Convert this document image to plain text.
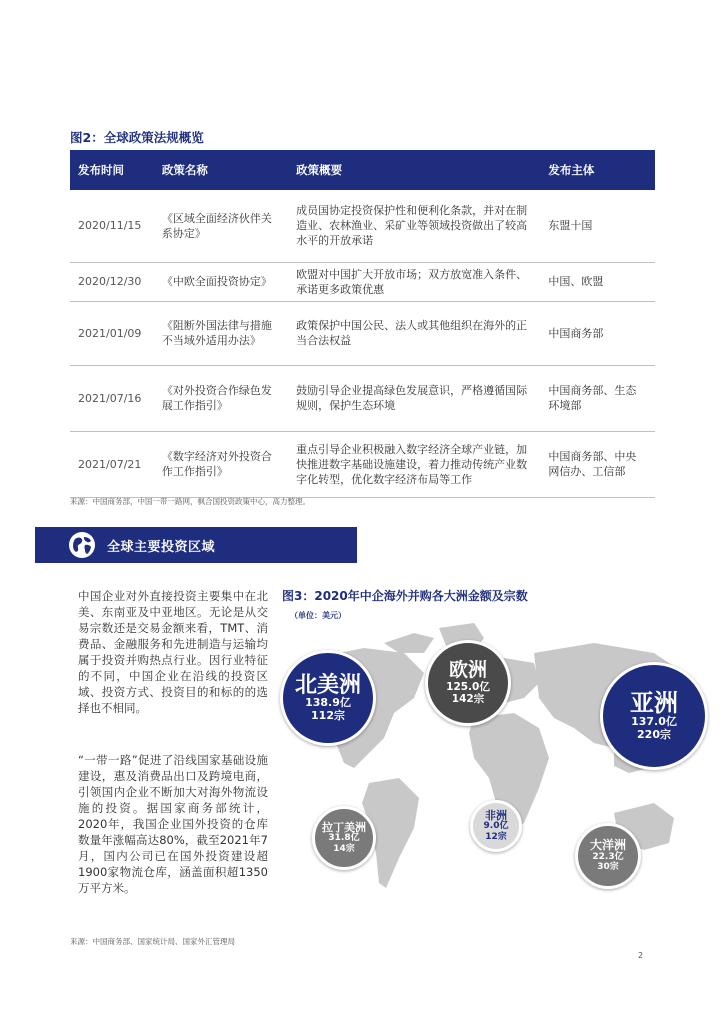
图2：全球政策法规概览
发布时间	政策名称	政策概要	发布主体
2020/11/15	《区域全面经济伙伴关系协定》	成员国协定投资保护性和便利化条款，并对在制造业、农林渔业、采矿业等领域投资做出了较高水平的开放承诺	东盟十国
2020/12/30	《中欧全面投资协定》	欧盟对中国扩大开放市场；双方放宽准入条件、承诺更多政策优惠	中国、欧盟
2021/01/09	《阻断外国法律与措施不当域外适用办法》	政策保护中国公民、法人或其他组织在海外的正当合法权益	中国商务部
2021/07/16	《对外投资合作绿色发展工作指引》	鼓励引导企业提高绿色发展意识，严格遵循国际规则，保护生态环境	中国商务部、生态环境部
2021/07/21	《数字经济对外投资合作工作指引》	重点引导企业积极融入数字经济全球产业链，加快推进数字基础设施建设，着力推动传统产业数字化转型，优化数字经济布局等工作	中国商务部、中央网信办、工信部
来源：中国商务部，中国一带一路网，枫合国投资政策中心，高力整理。
全球主要投资区域
中国企业对外直接投资主要集中在北美、东南亚及中亚地区。无论是从交易宗数还是交易金额来看，TMT、消费品、金融服务和先进制造与运输均属于投资并购热点行业。因行业特征的不同，中国企业在沿线的投资区域、投资方式、投资目的和标的的选择也不相同。
“一带一路”促进了沿线国家基础设施建设，惠及消费品出口及跨境电商，引领国内企业不断加大对海外物流设施的投资。据国家商务部统计，2020年，我国企业国外投资的仓库数量年涨幅高达80%，截至2021年7月，国内公司已在国外投资建设超1900家物流仓库，涵盖面积超1350万平方米。
来源：中国商务部、国家统计局、国家外汇管理局
图3：2020年中企海外并购各大洲金额及宗数
（单位：美元）
北美洲
138.9亿
112宗
欧洲
125.0亿
142宗	亚洲
137.0亿
220宗
拉丁美洲
31.8亿
14宗
非洲
9.0亿
12宗
大洋洲
22.3亿
30宗
2
